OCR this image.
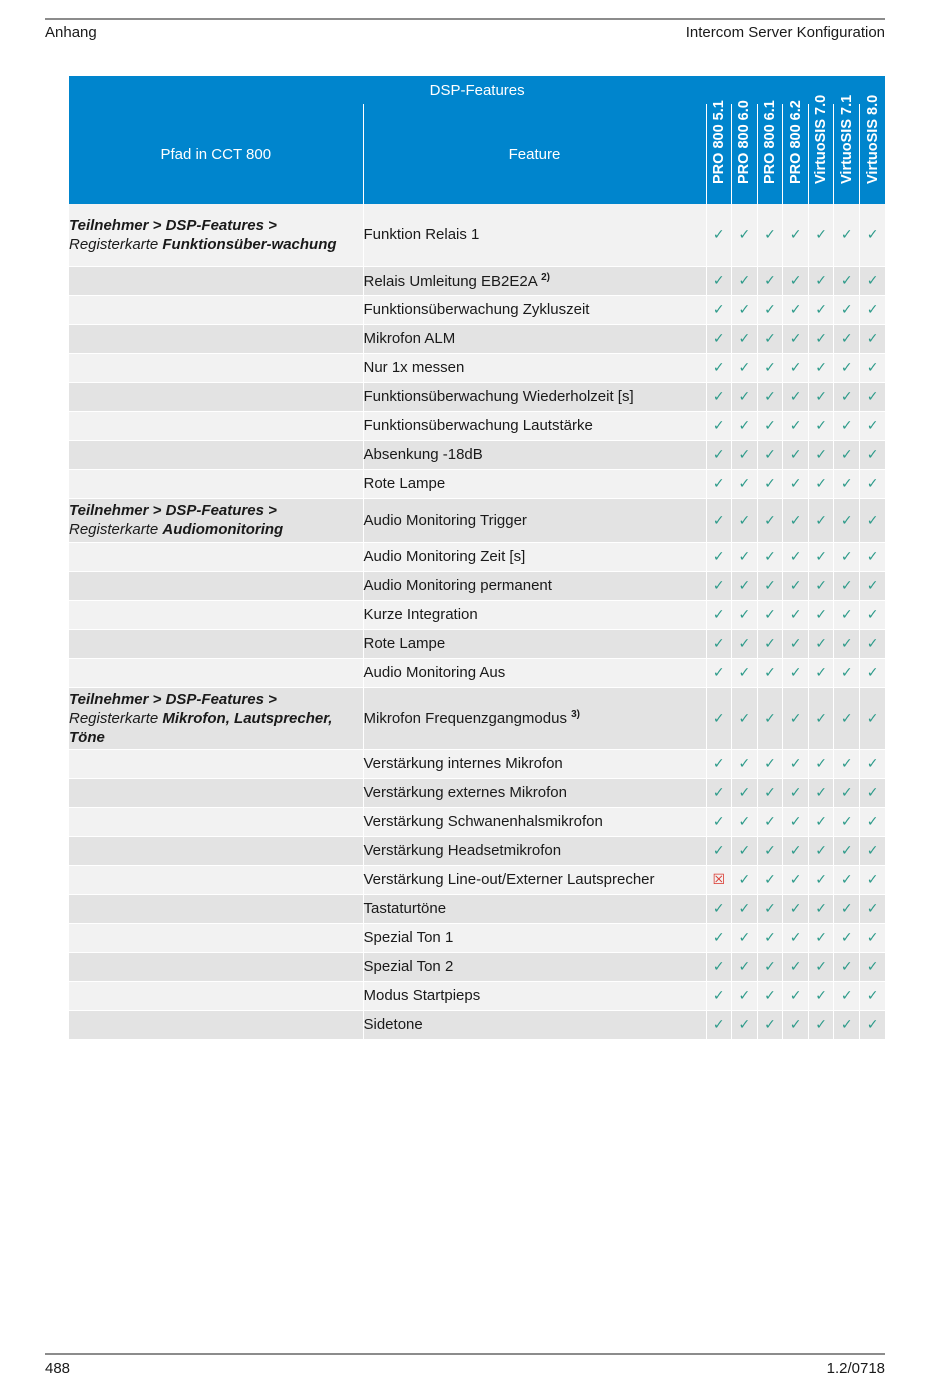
Anhang	Intercom Server Konfiguration
DSP-Features								
Pfad in CCT 800	Feature	PRO 800 5.1	PRO 800 6.0	PRO 800 6.1	PRO 800 6.2	VirtuoSIS 7.0	VirtuoSIS 7.1	VirtuoSIS 8.0

Teilnehmer > DSP-Features >
Registerkarte Funktionsüber-wachung	Funktion Relais 1	✓	✓	✓	✓	✓	✓	✓
	Relais Umleitung EB2E2A $^{2)}$	✓	✓	✓	✓	✓	✓	✓
	Funktionsüberwachung Zykluszeit	✓	✓	✓	✓	✓	✓	✓
	Mikrofon ALM	✓	✓	✓	✓	✓	✓	✓
	Nur 1x messen	✓	✓	✓	✓	✓	✓	✓
	Funktionsüberwachung Wiederholzeit [s]	✓	✓	✓	✓	✓	✓	✓
	Funktionsüberwachung Lautstärke	✓	✓	✓	✓	✓	✓	✓
	Absenkung -18dB	✓	✓	✓	✓	✓	✓	✓
	Rote Lampe	✓	✓	✓	✓	✓	✓	✓
Teilnehmer > DSP-Features >
Registerkarte Audiomonitoring	Audio Monitoring Trigger	✓	✓	✓	✓	✓	✓	✓
	Audio Monitoring Zeit [s]	✓	✓	✓	✓	✓	✓	✓
	Audio Monitoring permanent	✓	✓	✓	✓	✓	✓	✓
	Kurze Integration	✓	✓	✓	✓	✓	✓	✓
	Rote Lampe	✓	✓	✓	✓	✓	✓	✓
	Audio Monitoring Aus	✓	✓	✓	✓	✓	✓	✓
Teilnehmer > DSP-Features >
Registerkarte Mikrofon, Lautsprecher, Töne	Mikrofon Frequenzgangmodus $^{3)}$	✓	✓	✓	✓	✓	✓	✓
	Verstärkung internes Mikrofon	✓	✓	✓	✓	✓	✓	✓
	Verstärkung externes Mikrofon	✓	✓	✓	✓	✓	✓	✓
	Verstärkung Schwanenhalsmikrofon	✓	✓	✓	✓	✓	✓	✓
	Verstärkung Headsetmikrofon	✓	✓	✓	✓	✓	✓	✓
	Verstärkung Line-out/Externer Lautsprecher	☒	✓	✓	✓	✓	✓	✓
	Tastaturtöne	✓	✓	✓	✓	✓	✓	✓
	Spezial Ton 1	✓	✓	✓	✓	✓	✓	✓
	Spezial Ton 2	✓	✓	✓	✓	✓	✓	✓
	Modus Startpieps	✓	✓	✓	✓	✓	✓	✓
	Sidetone	✓	✓	✓	✓	✓	✓	✓
488	1.2/0718
